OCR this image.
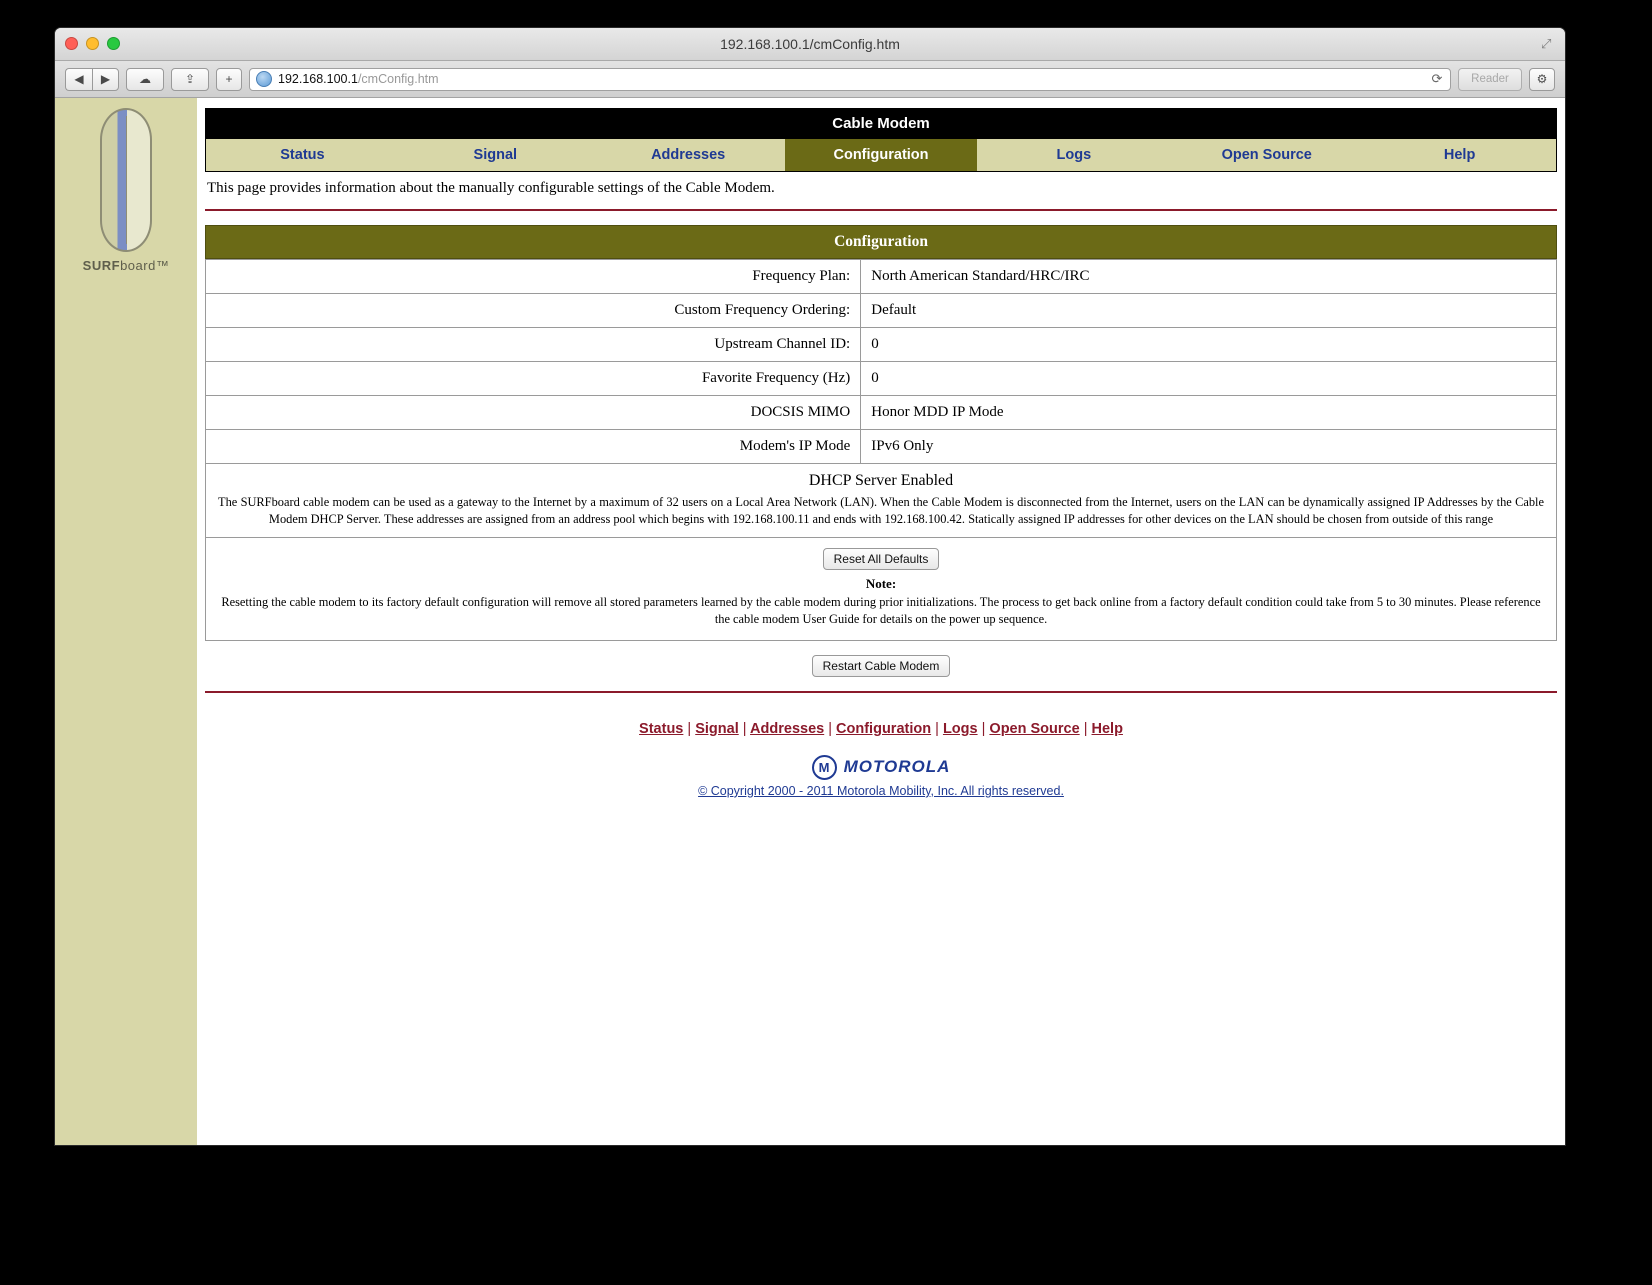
192.168.100.1/cmConfig.htm
◀	▶	☁	⇪	+	192.168.100.1/cmConfig.htm	⟳	Reader	⚙
SURFboard™
Cable Modem
Status	Signal	Addresses	Configuration	Logs	Open Source	Help
This page provides information about the manually configurable settings of the Cable Modem.
Configuration
Frequency Plan:	North American Standard/HRC/IRC
Custom Frequency Ordering:	Default
Upstream Channel ID:	0
Favorite Frequency (Hz)	0
DOCSIS MIMO	Honor MDD IP Mode
Modem's IP Mode	IPv6 Only
DHCP Server Enabled
The SURFboard cable modem can be used as a gateway to the Internet by a maximum of 32 users on a Local Area Network (LAN). When the Cable Modem is disconnected from the Internet, users on the LAN can be dynamically assigned IP Addresses by the Cable Modem DHCP Server. These addresses are assigned from an address pool which begins with 192.168.100.11 and ends with 192.168.100.42. Statically assigned IP addresses for other devices on the LAN should be chosen from outside of this range
Reset All Defaults
Note:
Resetting the cable modem to its factory default configuration will remove all stored parameters learned by the cable modem during prior initializations. The process to get back online from a factory default condition could take from 5 to 30 minutes. Please reference the cable modem User Guide for details on the power up sequence.
Restart Cable Modem
Status | Signal | Addresses | Configuration | Logs | Open Source | Help
M MOTOROLA
© Copyright 2000 - 2011 Motorola Mobility, Inc. All rights reserved.
⤢
